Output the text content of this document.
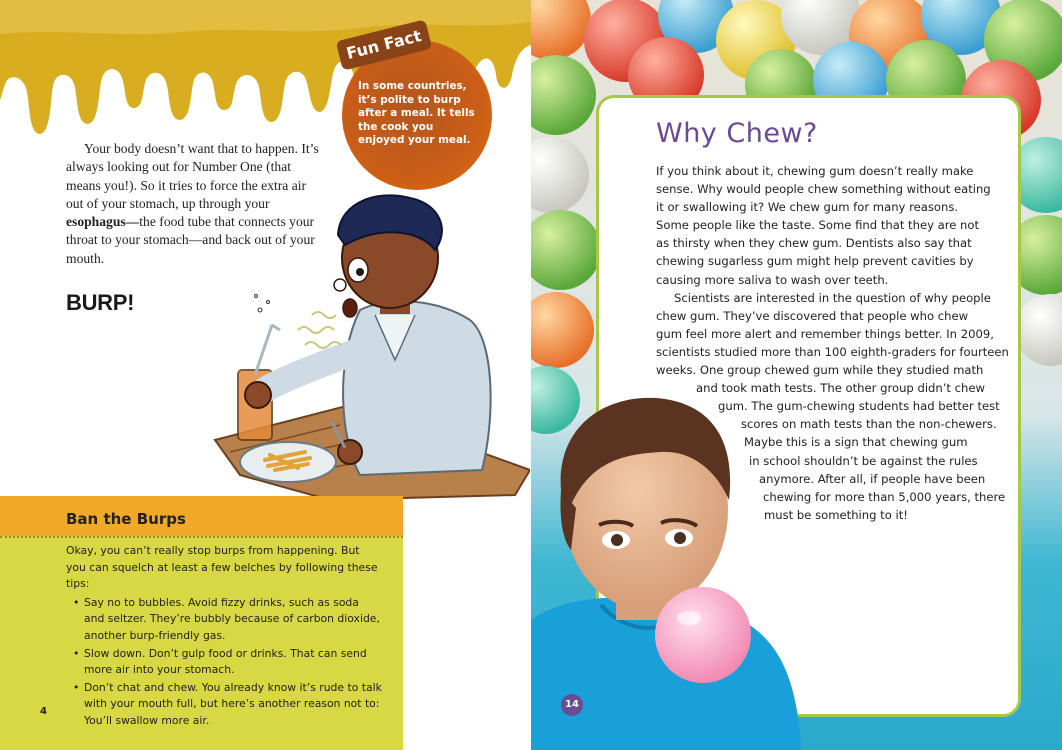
Fun Fact
In some countries, it’s polite to burp after a meal. It tells the cook you enjoyed your meal.

Your body doesn’t want that to happen. It’s always looking out for Number One (that means you!). So it tries to force the extra air out of your stomach, up through your esophagus—the food tube that connects your throat to your stomach—and back out of your mouth.

BURP!
Ban the Burps

Okay, you can’t really stop burps from happening. But you can squelch at least a few belches by following these tips:

• Say no to bubbles. Avoid fizzy drinks, such as soda and seltzer. They’re bubbly because of carbon dioxide, another burp-friendly gas.
• Slow down. Don’t gulp food or drinks. That can send more air into your stomach.
• Don’t chat and chew. You already know it’s rude to talk with your mouth full, but here’s another reason not to: You’ll swallow more air.
4
Why Chew?
If you think about it, chewing gum doesn’t really make
sense. Why would people chew something without eating
it or swallowing it? We chew gum for many reasons.
Some people like the taste. Some find that they are not
as thirsty when they chew gum. Dentists also say that
chewing sugarless gum might help prevent cavities by
causing more saliva to wash over teeth.
Scientists are interested in the question of why people
chew gum. They’ve discovered that people who chew
gum feel more alert and remember things better. In 2009,
scientists studied more than 100 eighth-graders for fourteen
weeks. One group chewed gum while they studied math
and took math tests. The other group didn’t chew
gum. The gum-chewing students had better test
scores on math tests than the non-chewers.
Maybe this is a sign that chewing gum
in school shouldn’t be against the rules
anymore. After all, if people have been
chewing for more than 5,000 years, there
must be something to it!
14
